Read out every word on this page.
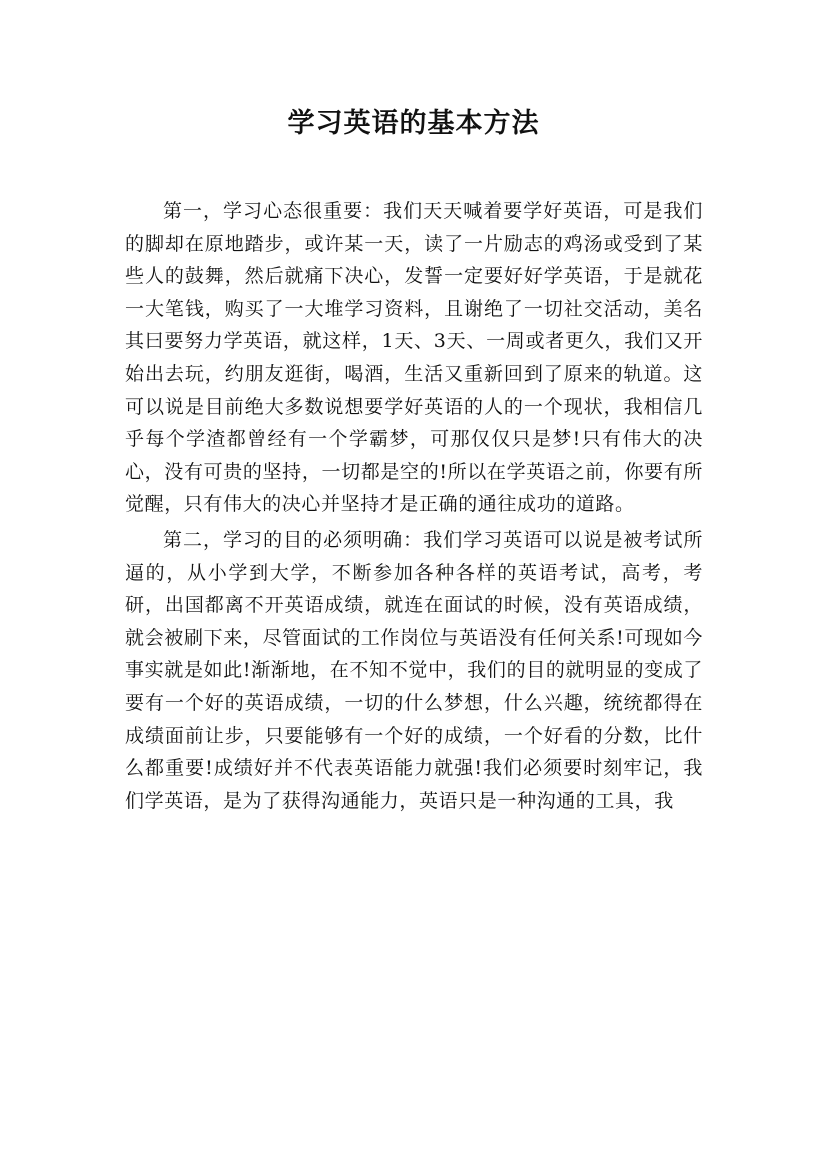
学习英语的基本方法

第一，学习心态很重要：我们天天喊着要学好英语，可是我们的脚却在原地踏步，或许某一天，读了一片励志的鸡汤或受到了某些人的鼓舞，然后就痛下决心，发誓一定要好好学英语，于是就花一大笔钱，购买了一大堆学习资料，且谢绝了一切社交活动，美名其曰要努力学英语，就这样，1天、3天、一周或者更久，我们又开始出去玩，约朋友逛街，喝酒，生活又重新回到了原来的轨道。这可以说是目前绝大多数说想要学好英语的人的一个现状，我相信几乎每个学渣都曾经有一个学霸梦，可那仅仅只是梦!只有伟大的决心，没有可贵的坚持，一切都是空的!所以在学英语之前，你要有所觉醒，只有伟大的决心并坚持才是正确的通往成功的道路。

第二，学习的目的必须明确：我们学习英语可以说是被考试所逼的，从小学到大学，不断参加各种各样的英语考试，高考，考研，出国都离不开英语成绩，就连在面试的时候，没有英语成绩，就会被刷下来，尽管面试的工作岗位与英语没有任何关系!可现如今事实就是如此!渐渐地，在不知不觉中，我们的目的就明显的变成了要有一个好的英语成绩，一切的什么梦想，什么兴趣，统统都得在成绩面前让步，只要能够有一个好的成绩，一个好看的分数，比什么都重要!成绩好并不代表英语能力就强!我们必须要时刻牢记，我们学英语，是为了获得沟通能力，英语只是一种沟通的工具，我
